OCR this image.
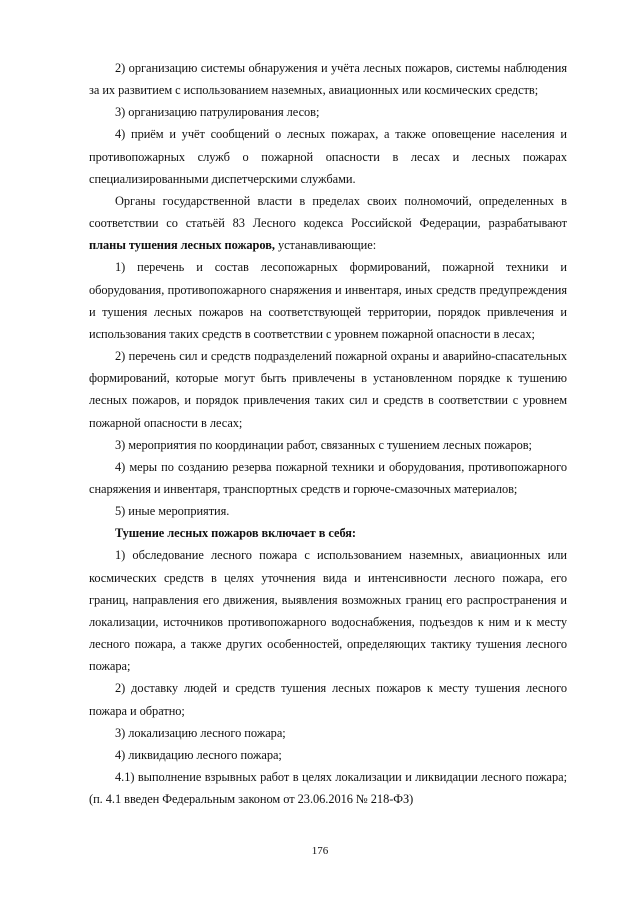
2) организацию системы обнаружения и учёта лесных пожаров, системы наблюдения за их развитием с использованием наземных, авиационных или космических средств;

3) организацию патрулирования лесов;

4) приём и учёт сообщений о лесных пожарах, а также оповещение населения и противопожарных служб о пожарной опасности в лесах и лесных пожарах специализированными диспетчерскими службами.

Органы государственной власти в пределах своих полномочий, определенных в соответствии со статьёй 83 Лесного кодекса Российской Федерации, разрабатывают планы тушения лесных пожаров, устанавливающие:

1) перечень и состав лесопожарных формирований, пожарной техники и оборудования, противопожарного снаряжения и инвентаря, иных средств предупреждения и тушения лесных пожаров на соответствующей территории, порядок привлечения и использования таких средств в соответствии с уровнем пожарной опасности в лесах;

2) перечень сил и средств подразделений пожарной охраны и аварийно-спасательных формирований, которые могут быть привлечены в установленном порядке к тушению лесных пожаров, и порядок привлечения таких сил и средств в соответствии с уровнем пожарной опасности в лесах;

3) мероприятия по координации работ, связанных с тушением лесных пожаров;

4) меры по созданию резерва пожарной техники и оборудования, противопожарного снаряжения и инвентаря, транспортных средств и горюче-смазочных материалов;

5) иные мероприятия.

Тушение лесных пожаров включает в себя:

1) обследование лесного пожара с использованием наземных, авиационных или космических средств в целях уточнения вида и интенсивности лесного пожара, его границ, направления его движения, выявления возможных границ его распространения и локализации, источников противопожарного водоснабжения, подъездов к ним и к месту лесного пожара, а также других особенностей, определяющих тактику тушения лесного пожара;

2) доставку людей и средств тушения лесных пожаров к месту тушения лесного пожара и обратно;

3) локализацию лесного пожара;

4) ликвидацию лесного пожара;

4.1) выполнение взрывных работ в целях локализации и ликвидации лесного пожара; (п. 4.1 введен Федеральным законом от 23.06.2016 № 218-ФЗ)

176
